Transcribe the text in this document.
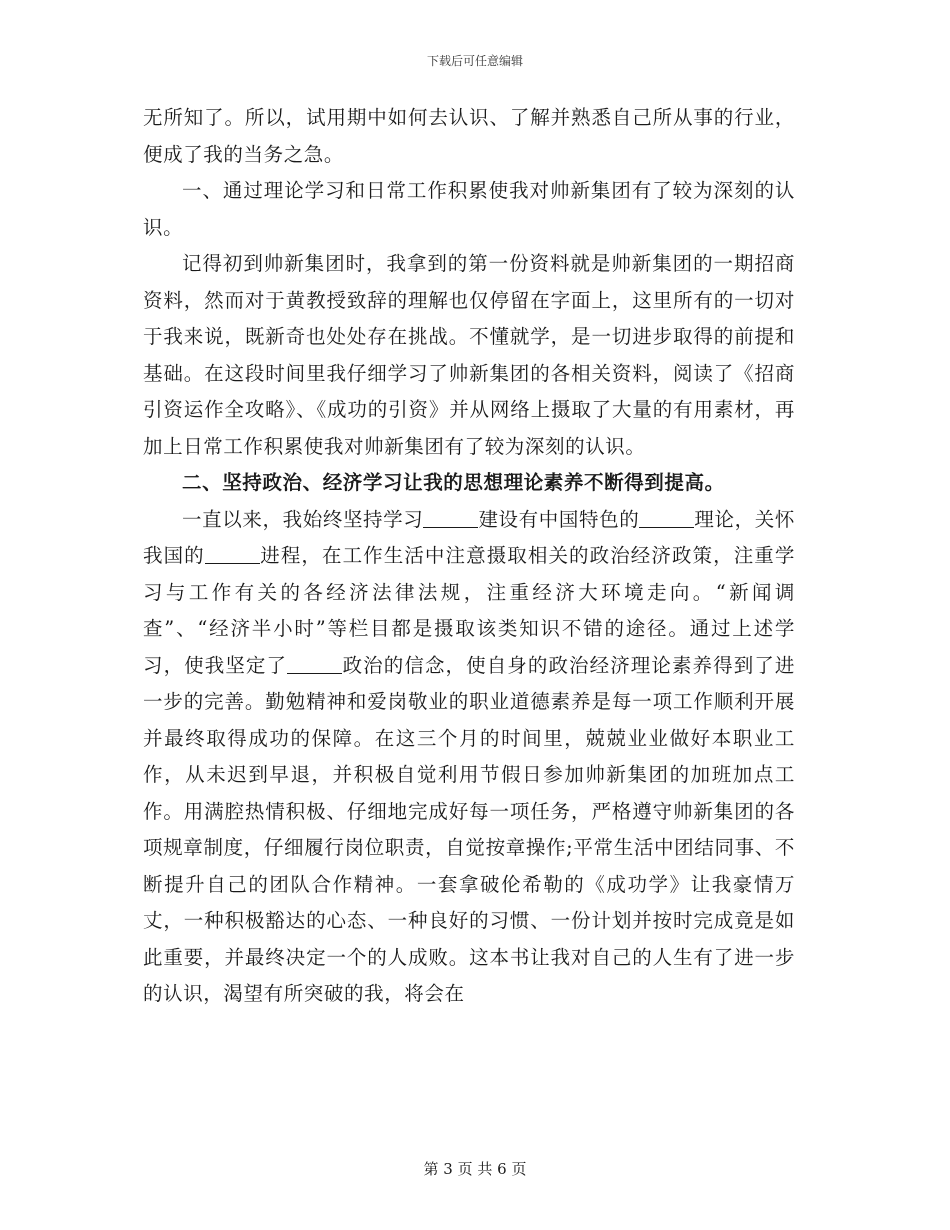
下载后可任意编辑

无所知了。所以，试用期中如何去认识、了解并熟悉自己所从事的行业，便成了我的当务之急。

一、通过理论学习和日常工作积累使我对帅新集团有了较为深刻的认识。

记得初到帅新集团时，我拿到的第一份资料就是帅新集团的一期招商资料，然而对于黄教授致辞的理解也仅停留在字面上，这里所有的一切对于我来说，既新奇也处处存在挑战。不懂就学，是一切进步取得的前提和基础。在这段时间里我仔细学习了帅新集团的各相关资料，阅读了《招商引资运作全攻略》、《成功的引资》并从网络上摄取了大量的有用素材，再加上日常工作积累使我对帅新集团有了较为深刻的认识。

二、坚持政治、经济学习让我的思想理论素养不断得到提高。

一直以来，我始终坚持学习	建设有中国特色的	理论，关怀我国的	进程，在工作生活中注意摄取相关的政治经济政策，注重学习与工作有关的各经济法律法规，注重经济大环境走向。“新闻调查”、“经济半小时”等栏目都是摄取该类知识不错的途径。通过上述学习，使我坚定了	政治的信念，使自身的政治经济理论素养得到了进一步的完善。勤勉精神和爱岗敬业的职业道德素养是每一项工作顺利开展并最终取得成功的保障。在这三个月的时间里，兢兢业业做好本职业工作，从未迟到早退，并积极自觉利用节假日参加帅新集团的加班加点工作。用满腔热情积极、仔细地完成好每一项任务，严格遵守帅新集团的各项规章制度，仔细履行岗位职责，自觉按章操作;平常生活中团结同事、不断提升自己的团队合作精神。一套拿破伦希勒的《成功学》让我豪情万丈，一种积极豁达的心态、一种良好的习惯、一份计划并按时完成竟是如此重要，并最终决定一个的人成败。这本书让我对自己的人生有了进一步的认识，渴望有所突破的我，将会在

第 3 页 共 6 页
